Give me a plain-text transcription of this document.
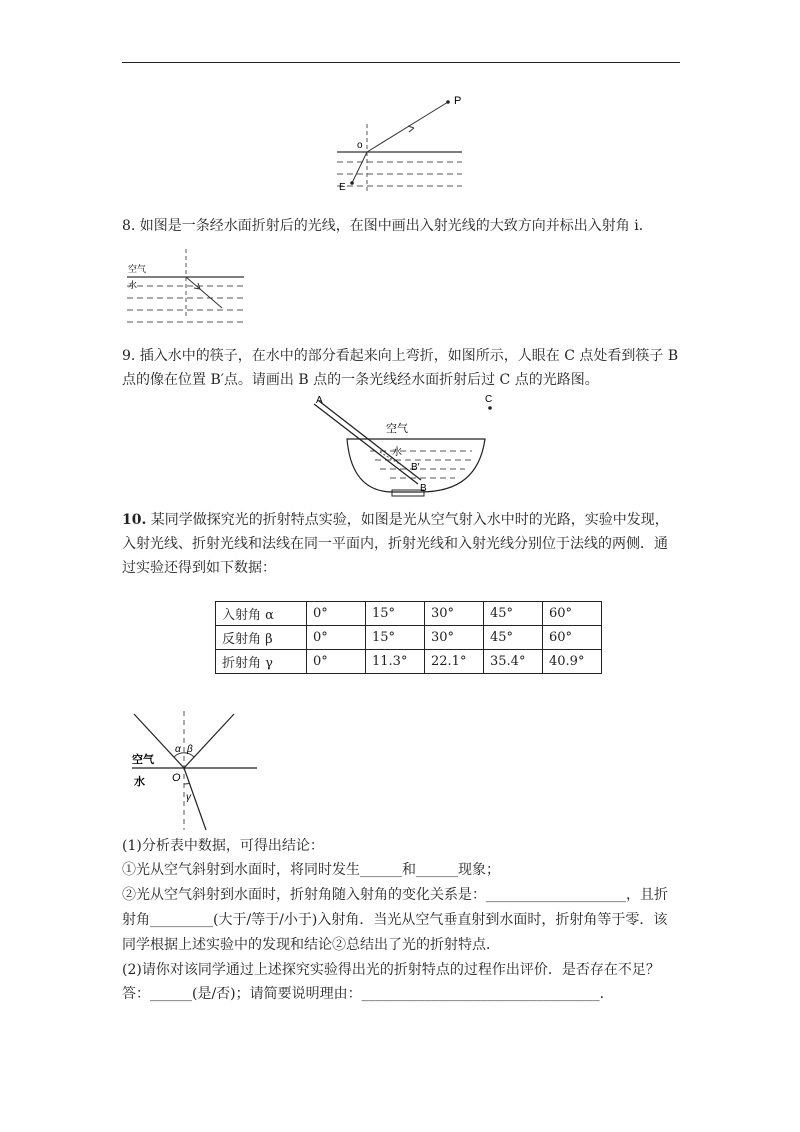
P
o
E
8. 如图是一条经水面折射后的光线，在图中画出入射光线的大致方向并标出入射角 i．
空气
水
9. 插入水中的筷子，在水中的部分看起来向上弯折，如图所示，人眼在 C 点处看到筷子 B
点的像在位置 B′点。请画出 B 点的一条光线经水面折射后过 C 点的光路图。
A	C
空气
水
B′
B
10. 某同学做探究光的折射特点实验，如图是光从空气射入水中时的光路，实验中发现，
入射光线、折射光线和法线在同一平面内，折射光线和入射光线分别位于法线的两侧．通
过实验还得到如下数据：
入射角 α	0°	15°	30°	45°	60°
反射角 β	0°	15°	30°	45°	60°
折射角 γ	0°	11.3°	22.1°	35.4°	40.9°
空气
水
α β
O
γ
(1)分析表中数据，可得出结论：
①光从空气斜射到水面时，将同时发生______和______现象；
②光从空气斜射到水面时，折射角随入射角的变化关系是：____________________，且折
射角_________(大于/等于/小于)入射角．当光从空气垂直射到水面时，折射角等于零．该
同学根据上述实验中的发现和结论②总结出了光的折射特点．
(2)请你对该同学通过上述探究实验得出光的折射特点的过程作出评价．是否存在不足？
答：______(是/否)；请简要说明理由：__________________________________．
